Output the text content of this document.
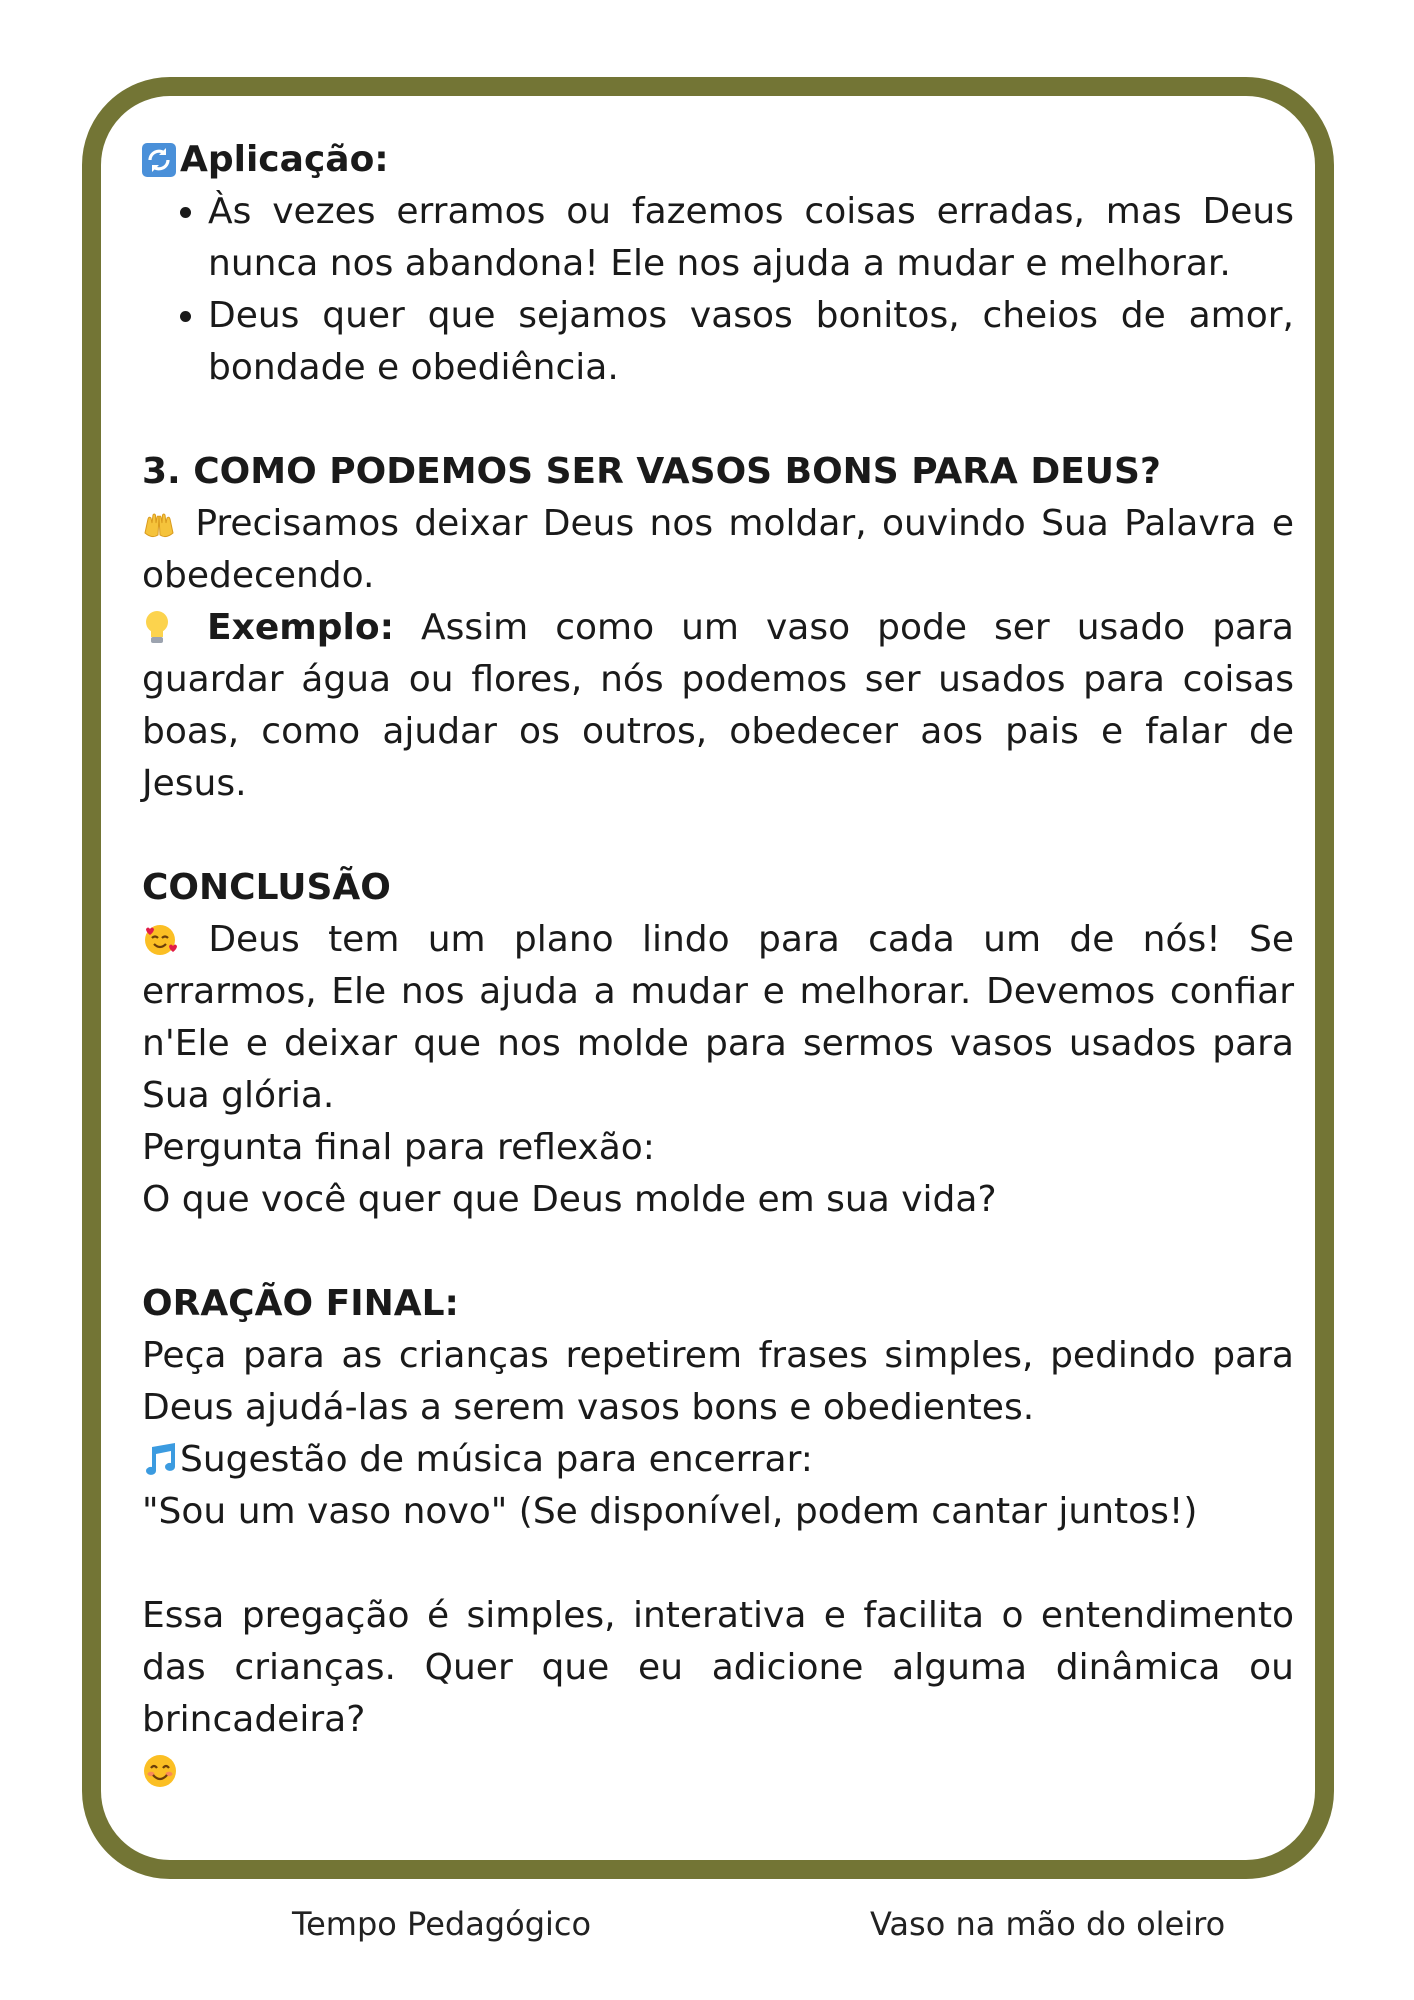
Aplicação:

• Às vezes erramos ou fazemos coisas erradas, mas Deus nunca nos abandona! Ele nos ajuda a mudar e melhorar.
• Deus quer que sejamos vasos bonitos, cheios de amor, bondade e obediência.

3. COMO PODEMOS SER VASOS BONS PARA DEUS?

Precisamos deixar Deus nos moldar, ouvindo Sua Palavra e obedecendo.

Exemplo: Assim como um vaso pode ser usado para guardar água ou flores, nós podemos ser usados para coisas boas, como ajudar os outros, obedecer aos pais e falar de Jesus.

CONCLUSÃO

Deus tem um plano lindo para cada um de nós! Se errarmos, Ele nos ajuda a mudar e melhorar. Devemos confiar n'Ele e deixar que nos molde para sermos vasos usados para Sua glória.

Pergunta final para reflexão:

O que você quer que Deus molde em sua vida?

ORAÇÃO FINAL:

Peça para as crianças repetirem frases simples, pedindo para Deus ajudá-las a serem vasos bons e obedientes.

Sugestão de música para encerrar:

"Sou um vaso novo" (Se disponível, podem cantar juntos!)

Essa pregação é simples, interativa e facilita o entendimento das crianças. Quer que eu adicione alguma dinâmica ou brincadeira?

Tempo Pedagógico	Vaso na mão do oleiro
